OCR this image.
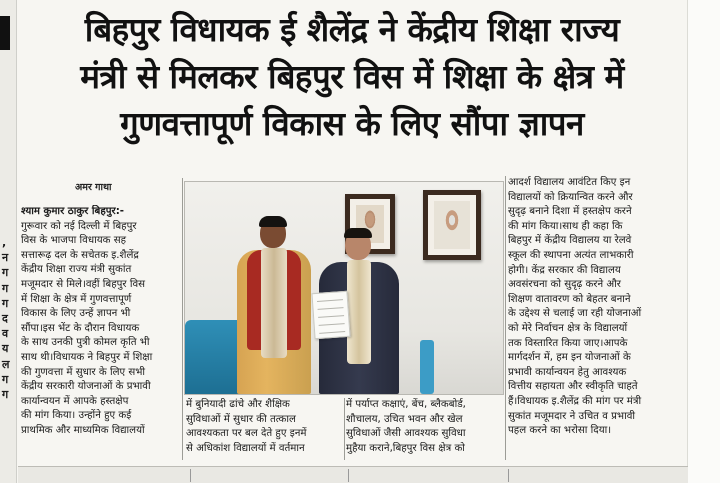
,
न
ग
ग
ग
द
व
य
ल
ग
ग
बिहपुर विधायक ई शैलेंद्र ने केंद्रीय शिक्षा राज्य
मंत्री से मिलकर बिहपुर विस में शिक्षा के क्षेत्र में
गुणवत्तापूर्ण विकास के लिए सौंपा ज्ञापन
अमर गाथा
श्याम कुमार ठाकुर बिहपुर:-
गुरूवार को नई दिल्ली में बिहपुर
विस के भाजपा विधायक सह
सत्तारूढ़ दल के सचेतक इ.शैलेंद्र
केंद्रीय शिक्षा राज्य मंत्री सुकांत
मजूमदार से मिले।वहीं बिहपुर विस
में शिक्षा के क्षेत्र में गुणवत्तापूर्ण
विकास के लिए उन्हें ज्ञापन भी
सौंपा।इस भेंट के दौरान विधायक
के साथ उनकी पुत्री कोमल कृति भी
साथ थी।विधायक ने बिहपुर में शिक्षा
की गुणवत्ता में सुधार के लिए सभी
केंद्रीय सरकारी योजनाओं के प्रभावी
कार्यान्वयन में आपके हस्तक्षेप
की मांग किया। उन्होंने हुए कई
प्राथमिक और माध्यमिक विद्यालयों
में बुनियादी ढांचे और शैक्षिक
सुविधाओं में सुधार की तत्काल
आवश्यकता पर बल देते हुए इनमें
से अधिकांश विद्यालयों में वर्तमान
में पर्याप्त कक्षाएं, बेंच, ब्लैकबोर्ड,
शौचालय, उचित भवन और खेल
सुविधाओं जैसी आवश्यक सुविधा
मुहैया कराने,बिहपुर विस क्षेत्र को
आदर्श विद्यालय आवंटित किए इन
विद्यालयों को क्रियान्वित करने और
सुदृढ़ बनाने दिशा में हस्तक्षेप करने
की मांग किया।साथ ही कहा कि
बिहपुर में केंद्रीय विद्यालय या रेलवे
स्कूल की स्थापना अत्यंत लाभकारी
होगी। केंद्र सरकार की विद्यालय
अवसंरचना को सुदृढ़ करने और
शिक्षण वातावरण को बेहतर बनाने
के उद्देश्य से चलाई जा रही योजनाओं
को मेरे निर्वाचन क्षेत्र के विद्यालयों
तक विस्तारित किया जाए।आपके
मार्गदर्शन में, हम इन योजनाओं के
प्रभावी कार्यान्वयन हेतु आवश्यक
वित्तीय सहायता और स्वीकृति चाहते
हैं।विधायक इ.शैलेंद्र की मांग पर मंत्री
सुकांत मजूमदार ने उचित व प्रभावी
पहल करने का भरोसा दिया।
